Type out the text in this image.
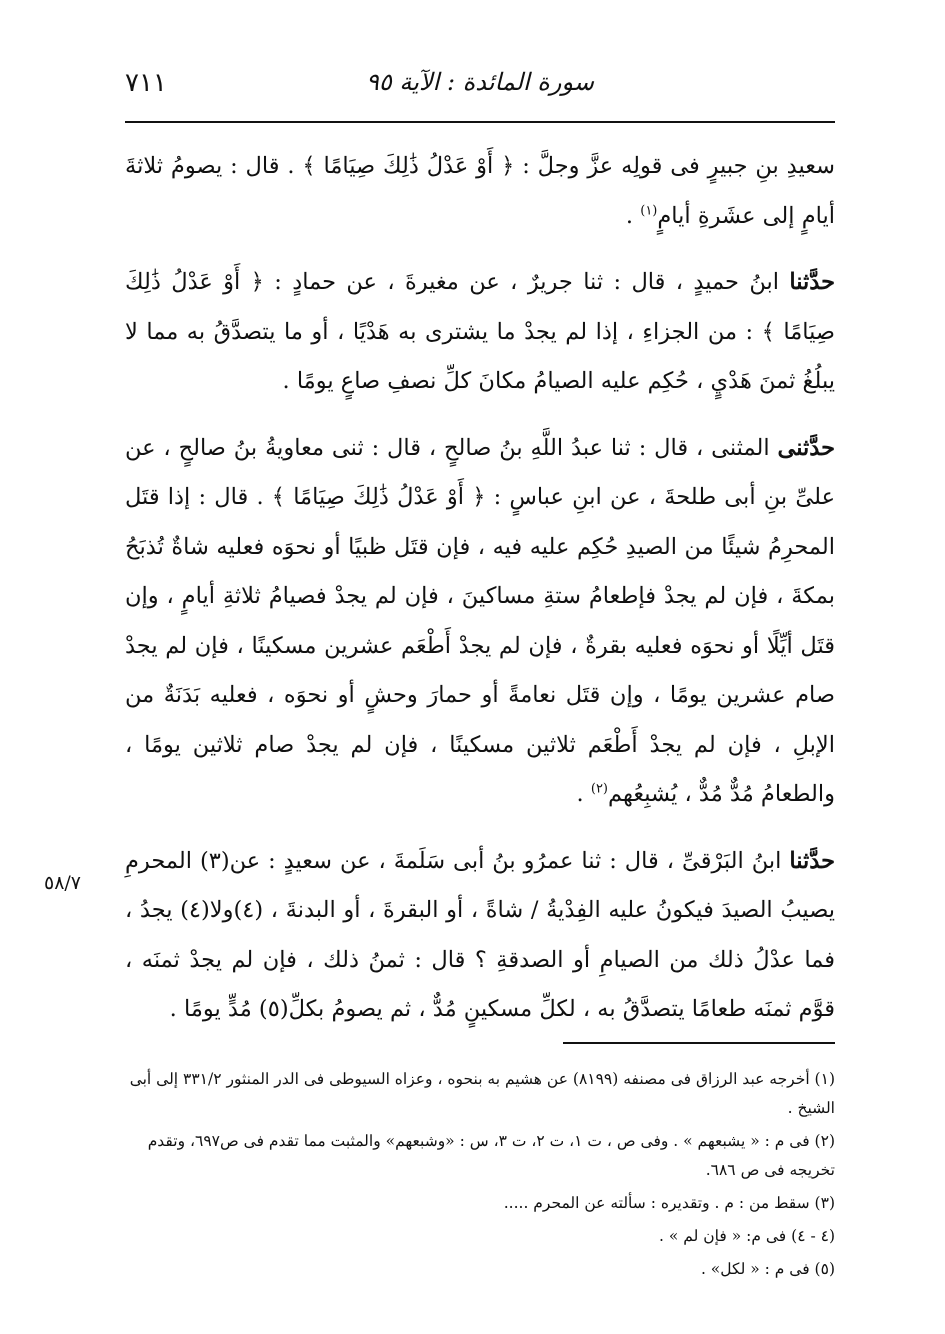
٧١١	سورة المائدة : الآية ٩٥

سعيدِ بنِ جبيرٍ فى قولِه عزَّ وجلَّ : ﴿ أَوْ عَدْلُ ذَٰلِكَ صِيَامًا ﴾ . قال : يصومُ ثلاثةَ أيامٍ إلى عشَرةِ أيامٍ$^{(١)}$ .

حدَّثنا ابنُ حميدٍ ، قال : ثنا جريرٌ ، عن مغيرةَ ، عن حمادٍ : ﴿ أَوْ عَدْلُ ذَٰلِكَ صِيَامًا ﴾ : من الجزاءِ ، إذا لم يجدْ ما يشترى به هَدْيًا ، أو ما يتصدَّقُ به مما لا يبلُغُ ثمنَ هَدْيٍ ، حُكِم عليه الصيامُ مكانَ كلِّ نصفِ صاعٍ يومًا .

حدَّثنى المثنى ، قال : ثنا عبدُ اللَّهِ بنُ صالحٍ ، قال : ثنى معاويةُ بنُ صالحٍ ، عن علىِّ بنِ أبى طلحةَ ، عن ابنِ عباسٍ : ﴿ أَوْ عَدْلُ ذَٰلِكَ صِيَامًا ﴾ . قال : إذا قتَل المحرِمُ شيئًا من الصيدِ حُكِم عليه فيه ، فإن قتَل ظبيًا أو نحوَه فعليه شاةٌ تُذبَحُ بمكةَ ، فإن لم يجدْ فإطعامُ ستةِ مساكينَ ، فإن لم يجدْ فصيامُ ثلاثةِ أيامٍ ، وإن قتَل أيِّلًا أو نحوَه فعليه بقرةٌ ، فإن لم يجدْ أَطْعَم عشرين مسكينًا ، فإن لم يجدْ صام عشرين يومًا ، وإن قتَل نعامةً أو حمارَ وحشٍ أو نحوَه ، فعليه بَدَنَةٌ من الإبلِ ، فإن لم يجدْ أَطْعَم ثلاثين مسكينًا ، فإن لم يجدْ صام ثلاثين يومًا ، والطعامُ مُدٌّ مُدٌّ ، يُشبِعُهم$^{(٢)}$ .

حدَّثنا ابنُ البَرْقىِّ ، قال : ثنا عمرُو بنُ أبى سَلَمةَ ، عن سعيدٍ : عن(٣) المحرمِ يصيبُ الصيدَ فيكونُ عليه الفِدْيةُ / شاةً ، أو البقرةَ ، أو البدنةَ ، (٤)ولا(٤) يجدُ ، فما عدْلُ ذلك من الصيامِ أو الصدقةِ ؟ قال : ثمنُ ذلك ، فإن لم يجدْ ثمنَه ، قوَّم ثمنَه طعامًا يتصدَّقُ به ، لكلِّ مسكينٍ مُدٌّ ، ثم يصومُ بكلِّ(٥) مُدٍّ يومًا .

٥٨/٧

(١) أخرجه عبد الرزاق فى مصنفه (٨١٩٩) عن هشيم به بنحوه ، وعزاه السيوطى فى الدر المنثور ٣٣١/٢ إلى أبى الشيخ .

(٢) فى م : « يشبعهم » . وفى ص ، ت ١، ت ٢، ت ٣، س : «وشبعهم» والمثبت مما تقدم فى ص٦٩٧، وتقدم تخريجه فى ص ٦٨٦.

(٣) سقط من : م . وتقديره : سألته عن المحرم .....

(٤ - ٤) فى م: « فإن لم » .

(٥) فى م : « لكل» .
